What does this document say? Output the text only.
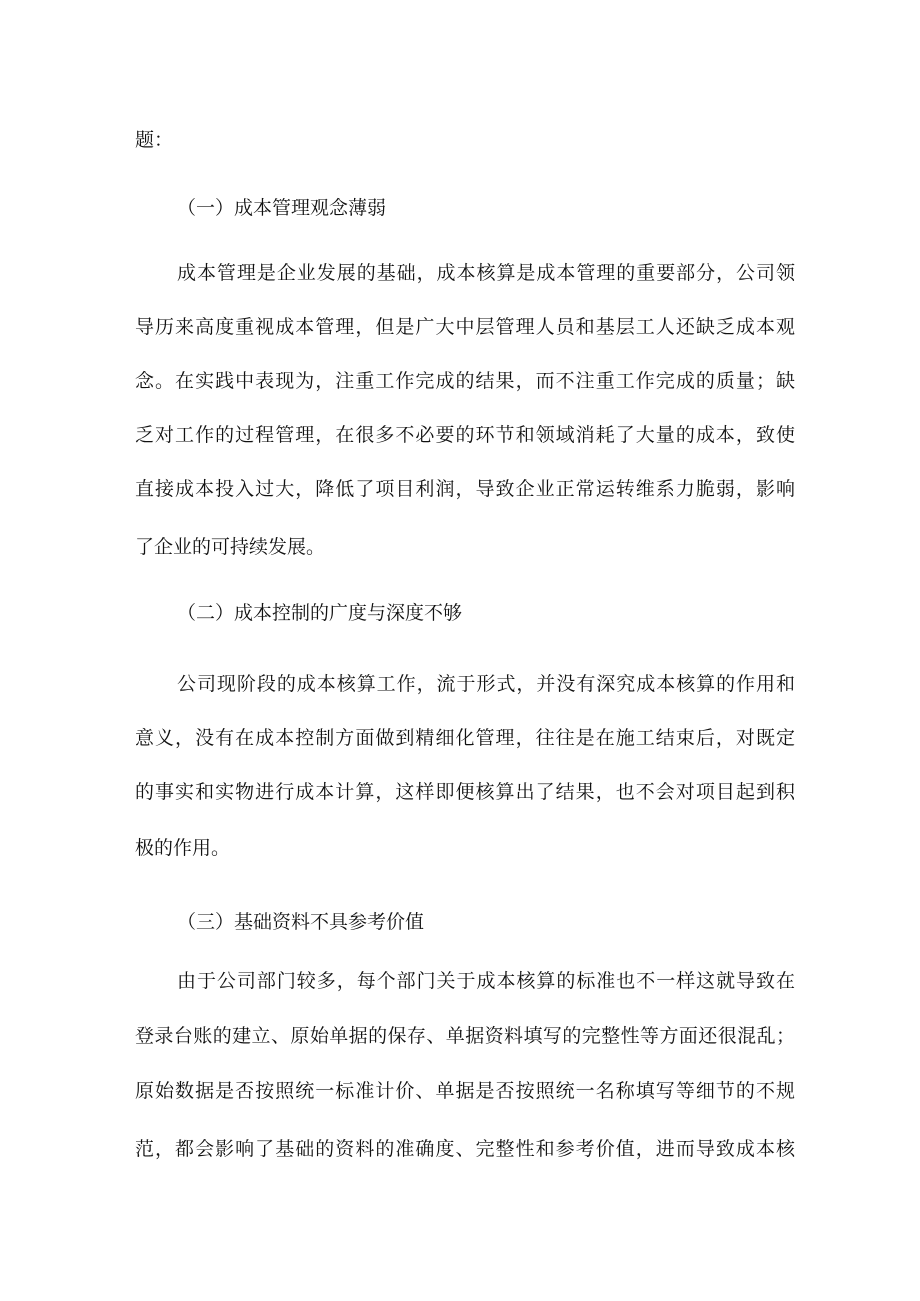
题：
（一）成本管理观念薄弱
成本管理是企业发展的基础，成本核算是成本管理的重要部分，公司领
导历来高度重视成本管理，但是广大中层管理人员和基层工人还缺乏成本观
念。在实践中表现为，注重工作完成的结果，而不注重工作完成的质量；缺
乏对工作的过程管理，在很多不必要的环节和领域消耗了大量的成本，致使
直接成本投入过大，降低了项目利润，导致企业正常运转维系力脆弱，影响
了企业的可持续发展。
（二）成本控制的广度与深度不够
公司现阶段的成本核算工作，流于形式，并没有深究成本核算的作用和
意义，没有在成本控制方面做到精细化管理，往往是在施工结束后，对既定
的事实和实物进行成本计算，这样即便核算出了结果，也不会对项目起到积
极的作用。
（三）基础资料不具参考价值
由于公司部门较多，每个部门关于成本核算的标准也不一样这就导致在
登录台账的建立、原始单据的保存、单据资料填写的完整性等方面还很混乱；
原始数据是否按照统一标准计价、单据是否按照统一名称填写等细节的不规
范，都会影响了基础的资料的准确度、完整性和参考价值，进而导致成本核
